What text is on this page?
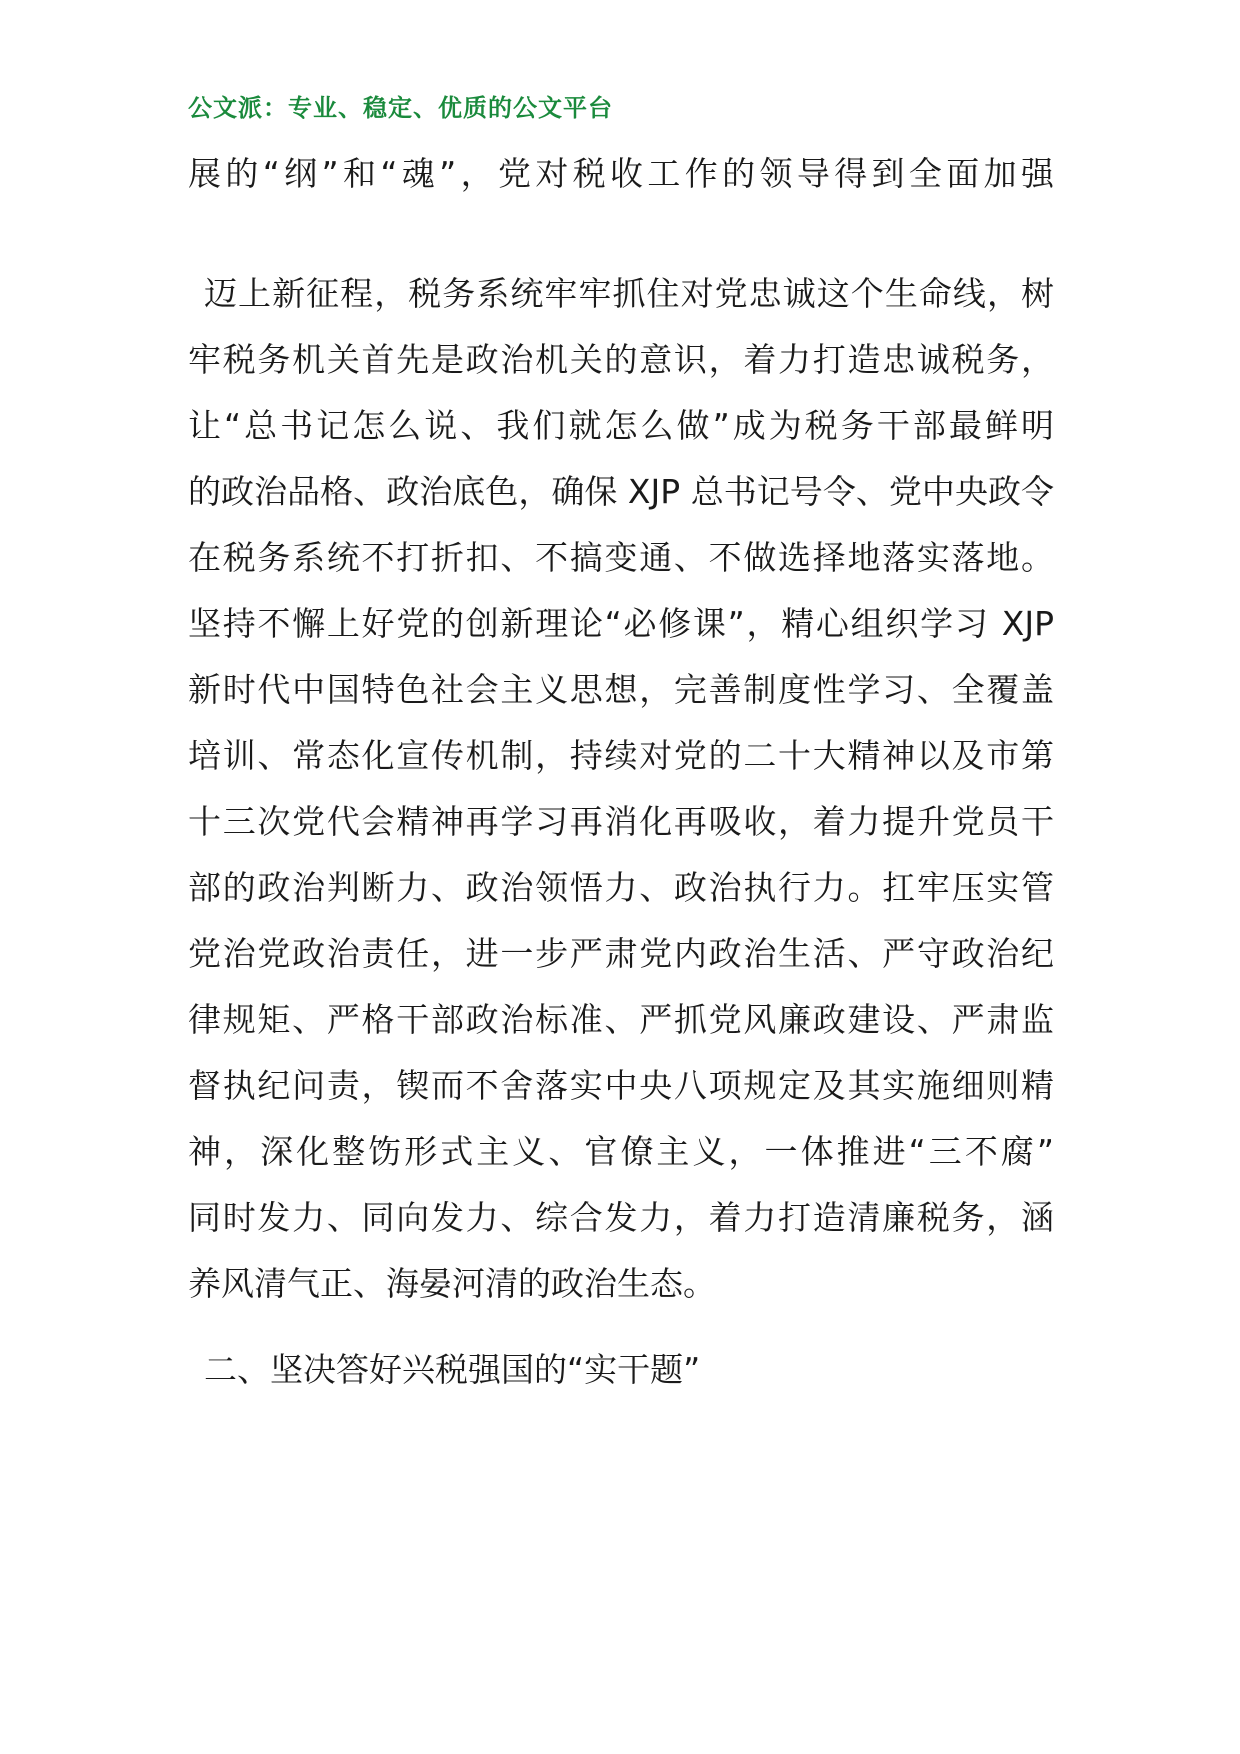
公文派：专业、稳定、优质的公文平台
展的“纲”和“魂”，党对税收工作的领导得到全面加强
迈上新征程，税务系统牢牢抓住对党忠诚这个生命线，树
牢税务机关首先是政治机关的意识，着力打造忠诚税务，
让“总书记怎么说、我们就怎么做”成为税务干部最鲜明
的政治品格、政治底色，确保 XJP 总书记号令、党中央政令
在税务系统不打折扣、不搞变通、不做选择地落实落地。
坚持不懈上好党的创新理论“必修课”，精心组织学习 XJP
新时代中国特色社会主义思想，完善制度性学习、全覆盖
培训、常态化宣传机制，持续对党的二十大精神以及市第
十三次党代会精神再学习再消化再吸收，着力提升党员干
部的政治判断力、政治领悟力、政治执行力。扛牢压实管
党治党政治责任，进一步严肃党内政治生活、严守政治纪
律规矩、严格干部政治标准、严抓党风廉政建设、严肃监
督执纪问责，锲而不舍落实中央八项规定及其实施细则精
神，深化整饬形式主义、官僚主义，一体推进“三不腐”
同时发力、同向发力、综合发力，着力打造清廉税务，涵
养风清气正、海晏河清的政治生态。
二、坚决答好兴税强国的“实干题”
